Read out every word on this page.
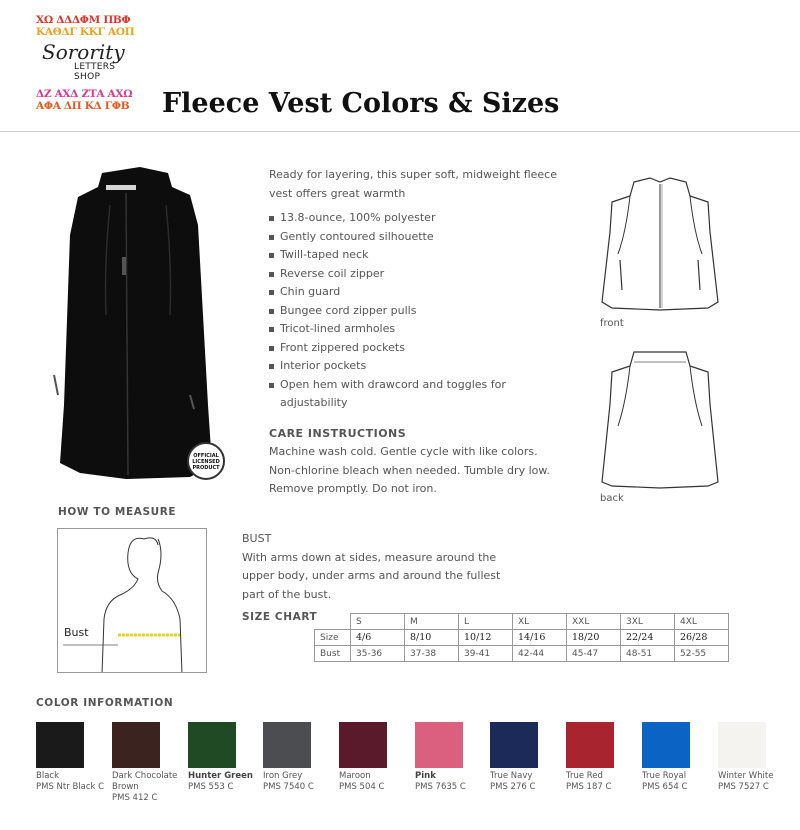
ΧΩ ΔΔΔΦΜ ΠΒΦ
ΚΑΘΔΓ ΚΚΓ ΑΟΠ
Sorority
LETTERS SHOP
ΔΖ ΑΧΔ ΖΤΑ ΑΧΩ
ΑΦΑ ΔΠ ΚΔ ΓΦΒ	Fleece Vest Colors & Sizes
OFFICIAL LICENSED PRODUCT

Ready for layering, this super soft, midweight fleece vest offers great warmth

13.8-ounce, 100% polyester
Gently contoured silhouette
Twill-taped neck
Reverse coil zipper
Chin guard
Bungee cord zipper pulls
Tricot-lined armholes
Front zippered pockets
Interior pockets
Open hem with drawcord and toggles for adjustability
CARE INSTRUCTIONS

Machine wash cold. Gentle cycle with like colors. Non-chlorine bleach when needed. Tumble dry low. Remove promptly. Do not iron.

front
back
HOW TO MEASURE
Bust
BUST

With arms down at sides, measure around the upper body, under arms and around the fullest part of the bust.

SIZE CHART
		S	M	L	XL	XXL	3XL	4XL
Size	4/6	8/10	10/12	14/16	18/20	22/24	26/28
Bust	35-36	37-38	39-41	42-44	45-47	48-51	52-55
COLOR INFORMATION
Black
PMS Ntr Black C
Dark Chocolate
Brown
PMS 412 C
Hunter Green
PMS 553 C
Iron Grey
PMS 7540 C
Maroon
PMS 504 C
Pink
PMS 7635 C
True Navy
PMS 276 C
True Red
PMS 187 C
True Royal
PMS 654 C
Winter White
PMS 7527 C
